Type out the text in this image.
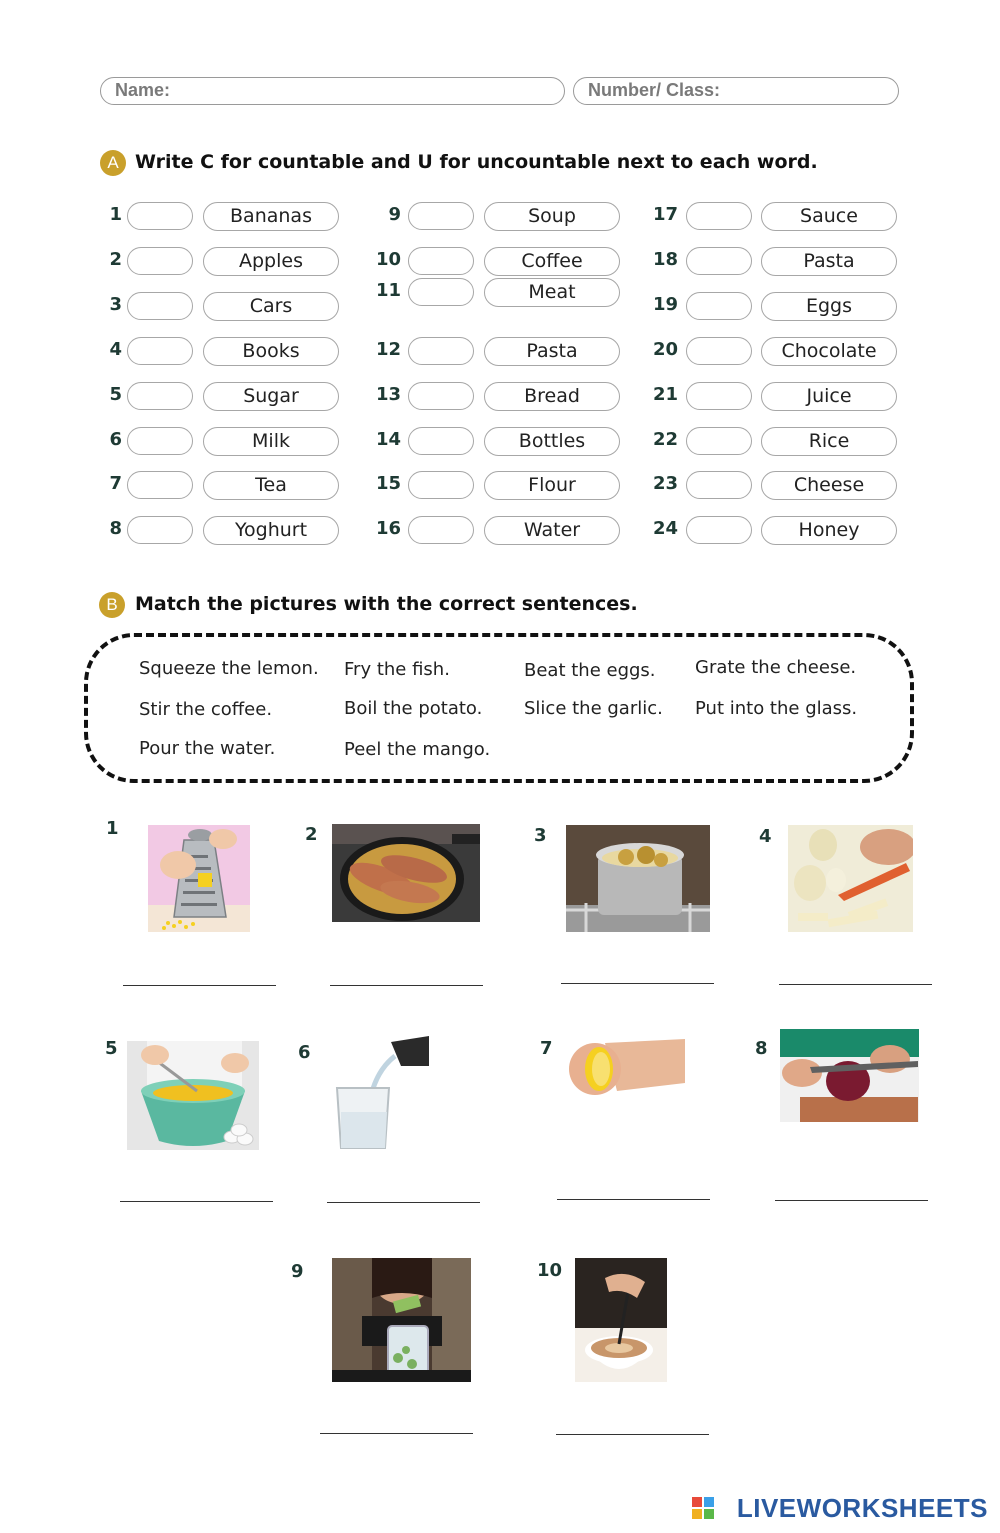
Name:	Number/ Class:
A Write C for countable and U for uncountable next to each word.
1	Bananas
2	Apples
3	Cars
4	Books
5	Sugar
6	Milk
7	Tea
8	Yoghurt
9	Soup
10	Coffee
11	Meat
12	Pasta
13	Bread
14	Bottles
15	Flour
16	Water
17	Sauce
18	Pasta
19	Eggs
20	Chocolate
21	Juice
22	Rice
23	Cheese
24	Honey
B Match the pictures with the correct sentences.
Squeeze the lemon. Fry the fish.	Beat the eggs. Grate the cheese.
Stir the coffee.	Boil the potato. Slice the garlic. Put into the glass.
Pour the water.	Peel the mango.
1	2	3	4
5	6	7	8
9	10
LIVEWORKSHEETS
